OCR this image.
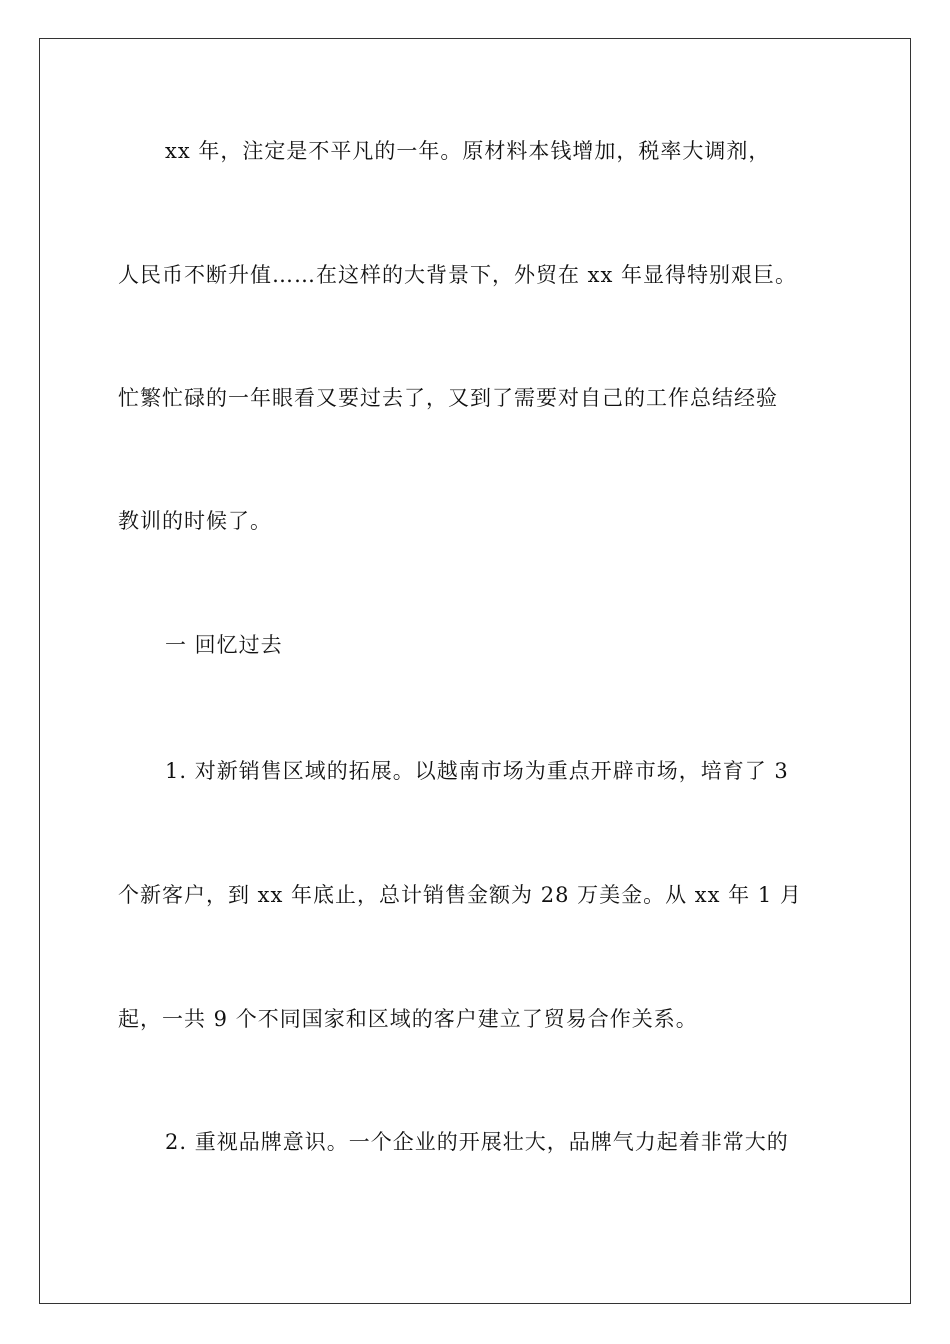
xx 年，注定是不平凡的一年。原材料本钱增加，税率大调剂，
人民币不断升值……在这样的大背景下，外贸在 xx 年显得特别艰巨。
忙繁忙碌的一年眼看又要过去了，又到了需要对自己的工作总结经验
教训的时候了。
一 回忆过去
1. 对新销售区域的拓展。以越南市场为重点开辟市场，培育了 3
个新客户，到 xx 年底止，总计销售金额为 28 万美金。从 xx 年 1 月
起，一共 9 个不同国家和区域的客户建立了贸易合作关系。
2. 重视品牌意识。一个企业的开展壮大，品牌气力起着非常大的
